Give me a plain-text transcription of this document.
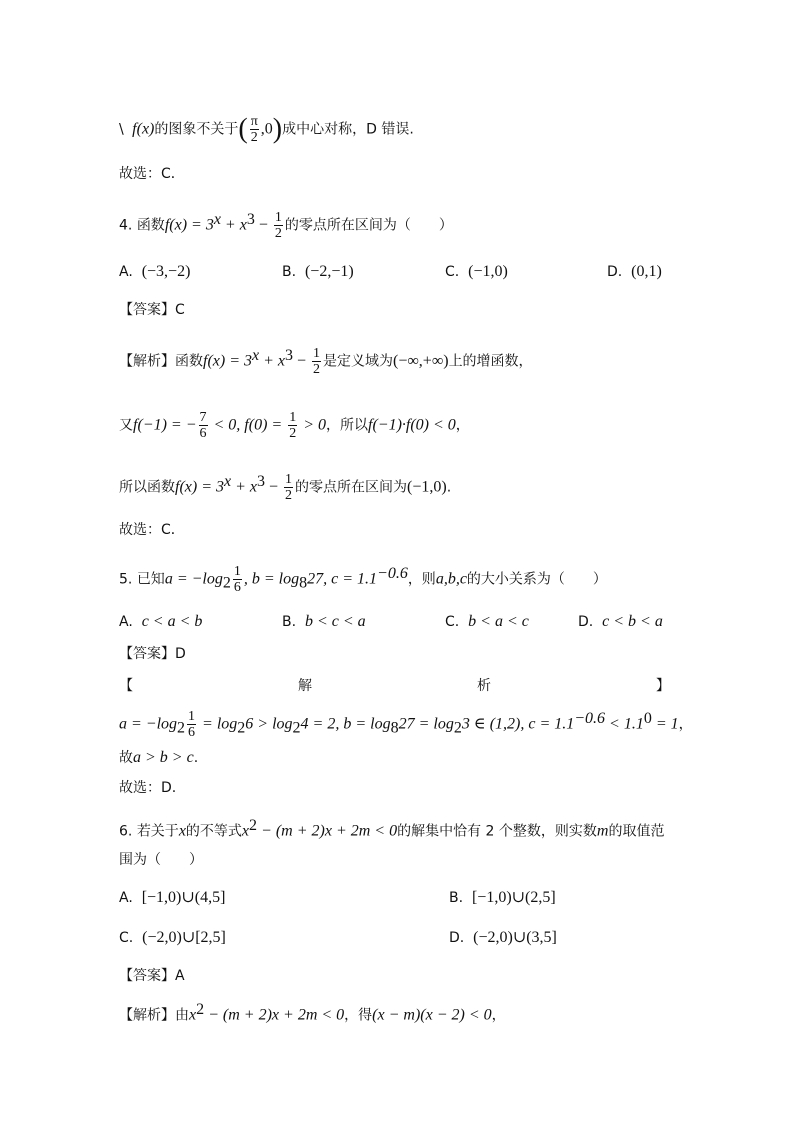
\  f(x)的图象不关于( $\frac{\pi}{2} ,0$)成中心对称，D 错误.
故选：C．
4. 函数$f(x) = 3^x + x^3 - \frac{1}{2}$ 的零点所在区间为（　　）
A. (−3,−2)	B. (−2,−1)	C. (−1,0)	D. (0,1)
【答案】C
【解析】函数$f(x) = 3^x + x^3 - \frac{1}{2}$ 是定义域为(−∞,+∞)上的增函数，
又f(−1) = − $\frac{7}{6} < 0$, $f(0) = \frac{1}{2} > 0$，所以f(−1)·f(0) < 0，
所以函数$f(x) = 3^x + x^3 - \frac{1}{2}$ 的零点所在区间为(−1,0).
故选：C．
5. 已知$a = -\log_2 \frac{1}{6}$ , $b = \log_827$, $c = 1.1^{-0.6}$，则a,b,c的大小关系为（　　）
A. c < a < b	B. b < c < a	C. b < a < c	D. c < b < a
【答案】D
【	解	析	】
$a = -\log_2 \frac{1}{6} = \log_26 > \log_24 = 2$, $b = \log_827 = \log_23$ ∈ (1,2), $c = 1.1^{-0.6} < 1.1^0 = 1$，
故a > b > c.
故选：D.
6. 若关于x的不等式$x^2 - (m + 2)x + 2m < 0$的解集中恰有 2 个整数，则实数m的取值范
围为（　　）
A. [−1,0)∪(4,5]	B. [−1,0)∪(2,5]
C. (−2,0)∪[2,5]	D. (−2,0)∪(3,5]
【答案】A
【解析】由$x^2 - (m + 2)x + 2m < 0$，得(x − m)(x − 2) < 0，
